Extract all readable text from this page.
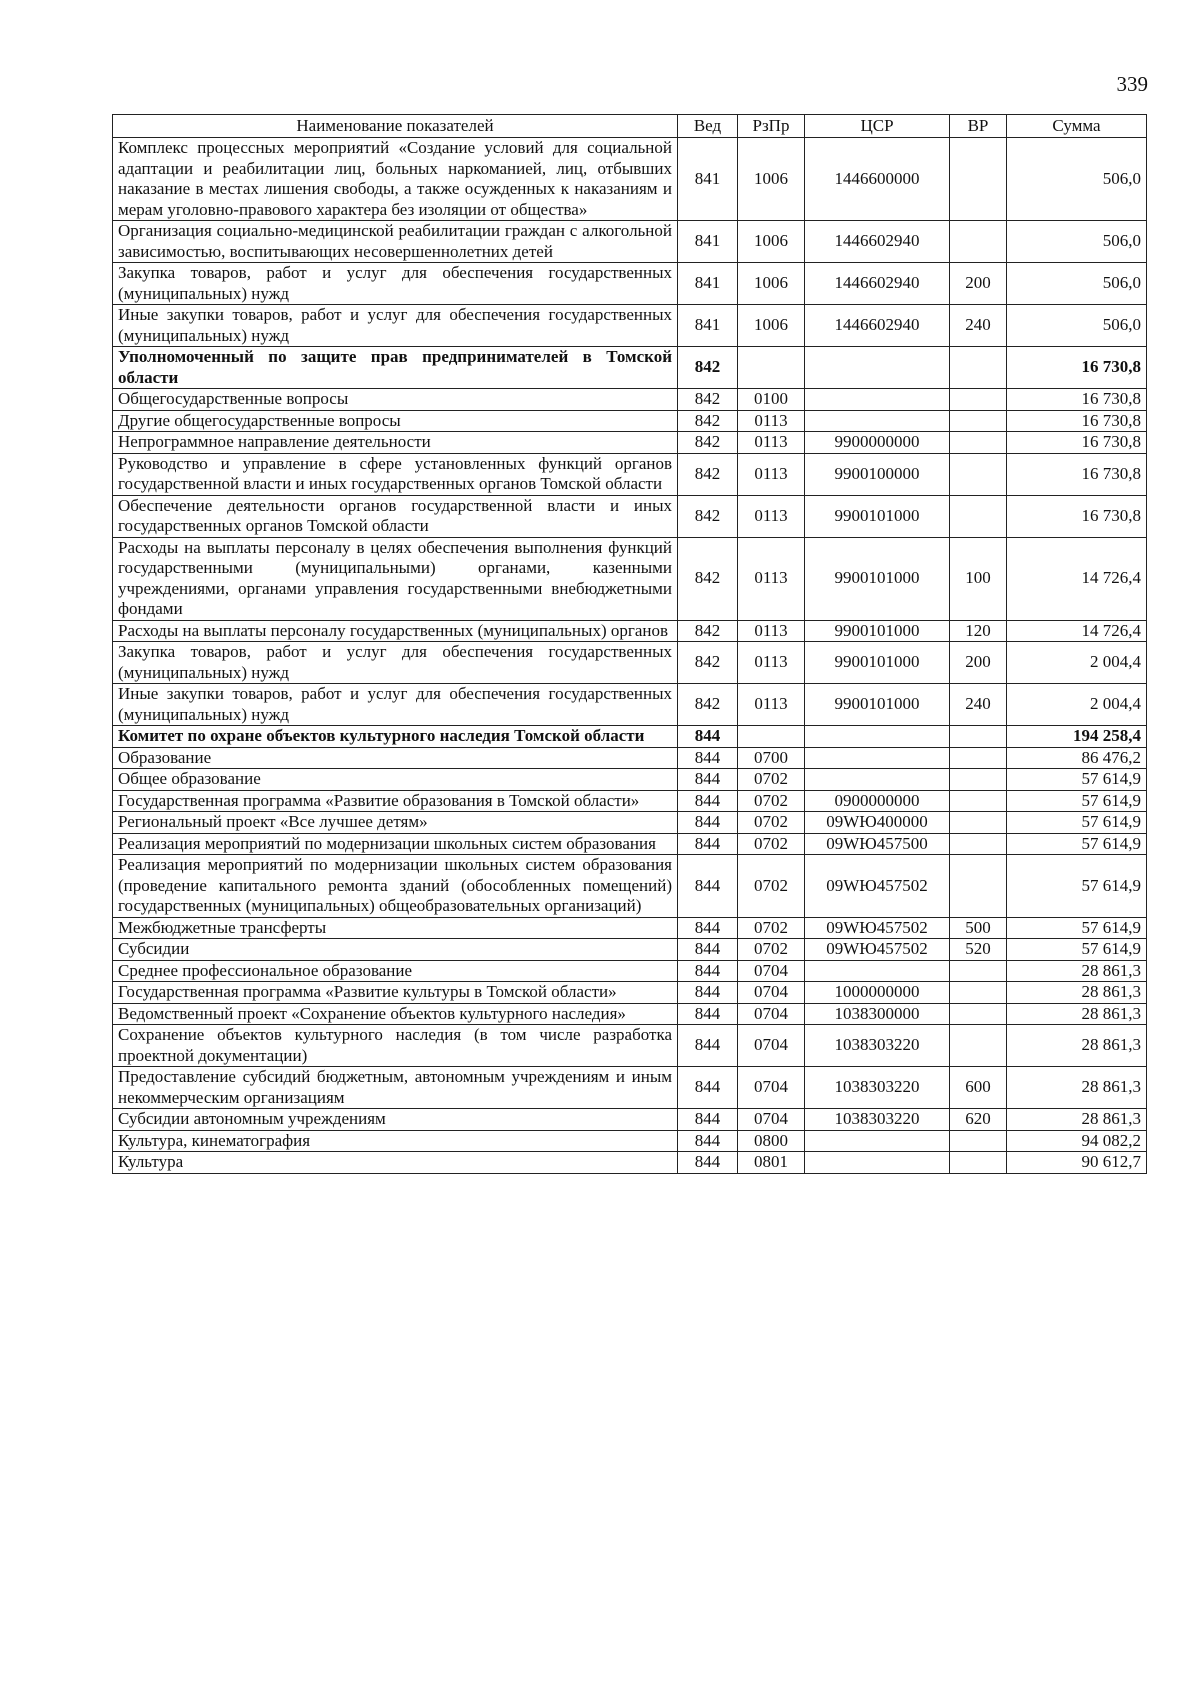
339
Наименование показателей	Вед	РзПр	ЦСР	ВР	Сумма
Комплекс процессных мероприятий «Создание условий для социальной адаптации и реабилитации лиц, больных наркоманией, лиц, отбывших наказание в местах лишения свободы, а также осужденных к наказаниям и мерам уголовно-правового характера без изоляции от общества»	841	1006	1446600000		506,0
Организация социально-медицинской реабилитации граждан с алкогольной зависимостью, воспитывающих несовершеннолетних детей	841	1006	1446602940		506,0
Закупка товаров, работ и услуг для обеспечения государственных (муниципальных) нужд	841	1006	1446602940	200	506,0
Иные закупки товаров, работ и услуг для обеспечения государственных (муниципальных) нужд	841	1006	1446602940	240	506,0
Уполномоченный по защите прав предпринимателей в Томской области	842				16 730,8
Общегосударственные вопросы	842	0100			16 730,8
Другие общегосударственные вопросы	842	0113			16 730,8
Непрограммное направление деятельности	842	0113	9900000000		16 730,8
Руководство и управление в сфере установленных функций органов государственной власти и иных государственных органов Томской области	842	0113	9900100000		16 730,8
Обеспечение деятельности органов государственной власти и иных государственных органов Томской области	842	0113	9900101000		16 730,8
Расходы на выплаты персоналу в целях обеспечения выполнения функций государственными (муниципальными) органами, казенными учреждениями, органами управления государственными внебюджетными фондами	842	0113	9900101000	100	14 726,4
Расходы на выплаты персоналу государственных (муниципальных) органов	842	0113	9900101000	120	14 726,4
Закупка товаров, работ и услуг для обеспечения государственных (муниципальных) нужд	842	0113	9900101000	200	2 004,4
Иные закупки товаров, работ и услуг для обеспечения государственных (муниципальных) нужд	842	0113	9900101000	240	2 004,4
Комитет по охране объектов культурного наследия Томской области	844				194 258,4
Образование	844	0700			86 476,2
Общее образование	844	0702			57 614,9
Государственная программа «Развитие образования в Томской области»	844	0702	0900000000		57 614,9
Региональный проект «Все лучшее детям»	844	0702	09WЮ400000		57 614,9
Реализация мероприятий по модернизации школьных систем образования	844	0702	09WЮ457500		57 614,9
Реализация мероприятий по модернизации школьных систем образования (проведение капитального ремонта зданий (обособленных помещений) государственных (муниципальных) общеобразовательных организаций)	844	0702	09WЮ457502		57 614,9
Межбюджетные трансферты	844	0702	09WЮ457502	500	57 614,9
Субсидии	844	0702	09WЮ457502	520	57 614,9
Среднее профессиональное образование	844	0704			28 861,3
Государственная программа «Развитие культуры в Томской области»	844	0704	1000000000		28 861,3
Ведомственный проект «Сохранение объектов культурного наследия»	844	0704	1038300000		28 861,3
Сохранение объектов культурного наследия (в том числе разработка проектной документации)	844	0704	1038303220		28 861,3
Предоставление субсидий бюджетным, автономным учреждениям и иным некоммерческим организациям	844	0704	1038303220	600	28 861,3
Субсидии автономным учреждениям	844	0704	1038303220	620	28 861,3
Культура, кинематография	844	0800			94 082,2
Культура	844	0801			90 612,7
